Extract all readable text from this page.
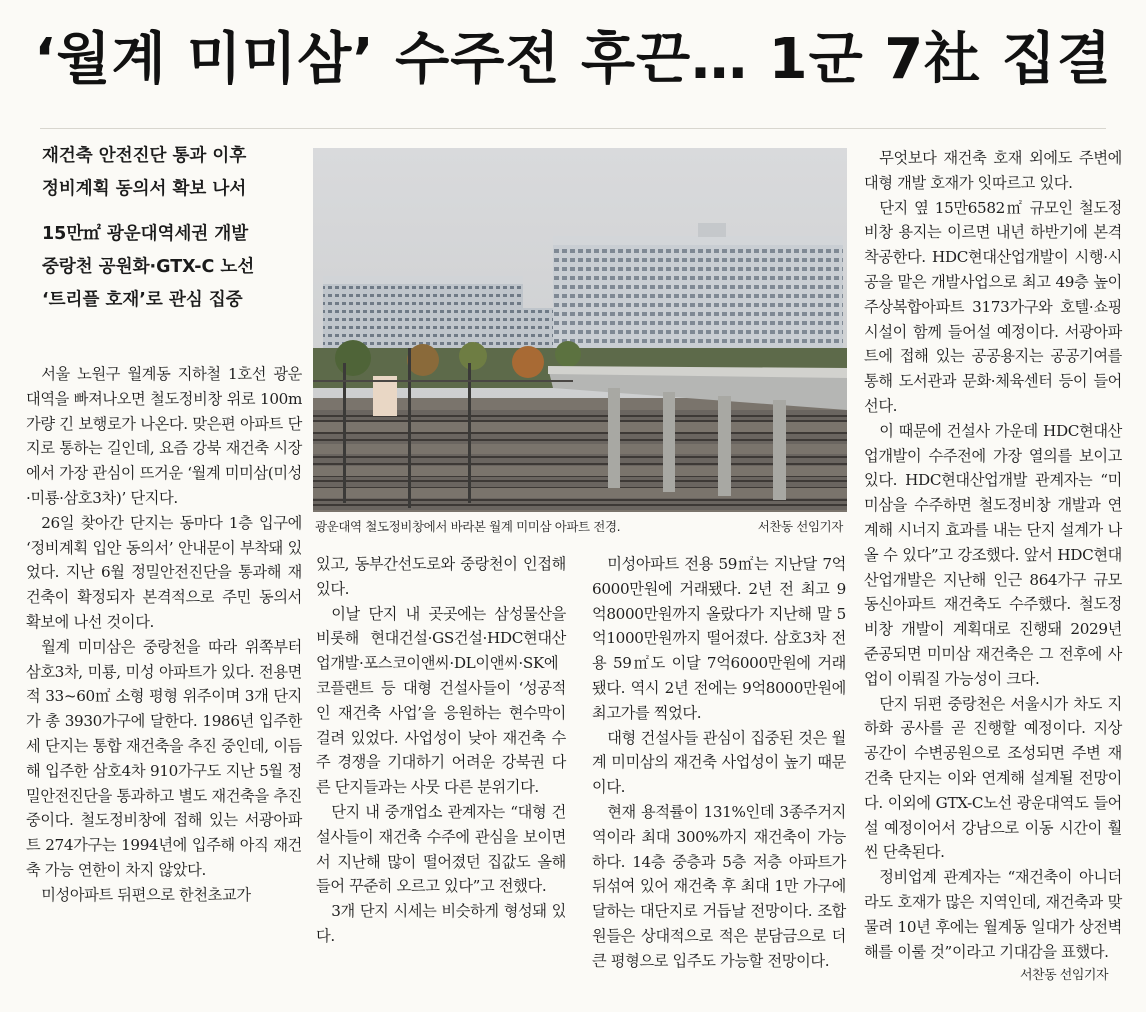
‘월계 미미삼’ 수주전 후끈… 1군 7社 집결
재건축 안전진단 통과 이후
정비계획 동의서 확보 나서
15만㎡ 광운대역세권 개발
중랑천 공원화·GTX-C 노선
‘트리플 호재’로 관심 집중
광운대역 철도정비창에서 바라본 월계 미미삼 아파트 전경.	서찬동 선임기자

서울 노원구 월계동 지하철 1호선 광운대역을 빠져나오면 철도정비창 위로 100m가량 긴 보행로가 나온다. 맞은편 아파트 단지로 통하는 길인데, 요즘 강북 재건축 시장에서 가장 관심이 뜨거운 ‘월계 미미삼(미성·미룡·삼호3차)’ 단지다.

26일 찾아간 단지는 동마다 1층 입구에 ‘정비계획 입안 동의서’ 안내문이 부착돼 있었다. 지난 6월 정밀안전진단을 통과해 재건축이 확정되자 본격적으로 주민 동의서 확보에 나선 것이다.

월계 미미삼은 중랑천을 따라 위쪽부터 삼호3차, 미룡, 미성 아파트가 있다. 전용면적 33~60㎡ 소형 평형 위주이며 3개 단지가 총 3930가구에 달한다. 1986년 입주한 세 단지는 통합 재건축을 추진 중인데, 이듬해 입주한 삼호4차 910가구도 지난 5월 정밀안전진단을 통과하고 별도 재건축을 추진 중이다. 철도정비창에 접해 있는 서광아파트 274가구는 1994년에 입주해 아직 재건축 가능 연한이 차지 않았다.

미성아파트 뒤편으로 한천초교가

있고, 동부간선도로와 중랑천이 인접해 있다.

이날 단지 내 곳곳에는 삼성물산을 비롯해 현대건설·GS건설·HDC현대산업개발·포스코이앤씨·DL이앤씨·SK에코플랜트 등 대형 건설사들이 ‘성공적인 재건축 사업’을 응원하는 현수막이 걸려 있었다. 사업성이 낮아 재건축 수주 경쟁을 기대하기 어려운 강북권 다른 단지들과는 사뭇 다른 분위기다.

단지 내 중개업소 관계자는 “대형 건설사들이 재건축 수주에 관심을 보이면서 지난해 많이 떨어졌던 집값도 올해 들어 꾸준히 오르고 있다”고 전했다.

3개 단지 시세는 비슷하게 형성돼 있다.

미성아파트 전용 59㎡는 지난달 7억6000만원에 거래됐다. 2년 전 최고 9억8000만원까지 올랐다가 지난해 말 5억1000만원까지 떨어졌다. 삼호3차 전용 59㎡도 이달 7억6000만원에 거래됐다. 역시 2년 전에는 9억8000만원에 최고가를 찍었다.

대형 건설사들 관심이 집중된 것은 월계 미미삼의 재건축 사업성이 높기 때문이다.

현재 용적률이 131%인데 3종주거지역이라 최대 300%까지 재건축이 가능하다. 14층 중층과 5층 저층 아파트가 뒤섞여 있어 재건축 후 최대 1만 가구에 달하는 대단지로 거듭날 전망이다. 조합원들은 상대적으로 적은 분담금으로 더 큰 평형으로 입주도 가능할 전망이다.

무엇보다 재건축 호재 외에도 주변에 대형 개발 호재가 잇따르고 있다.

단지 옆 15만6582㎡ 규모인 철도정비창 용지는 이르면 내년 하반기에 본격 착공한다. HDC현대산업개발이 시행·시공을 맡은 개발사업으로 최고 49층 높이 주상복합아파트 3173가구와 호텔·쇼핑시설이 함께 들어설 예정이다. 서광아파트에 접해 있는 공공용지는 공공기여를 통해 도서관과 문화·체육센터 등이 들어선다.

이 때문에 건설사 가운데 HDC현대산업개발이 수주전에 가장 열의를 보이고 있다. HDC현대산업개발 관계자는 “미미삼을 수주하면 철도정비창 개발과 연계해 시너지 효과를 내는 단지 설계가 나올 수 있다”고 강조했다. 앞서 HDC현대산업개발은 지난해 인근 864가구 규모 동신아파트 재건축도 수주했다. 철도정비창 개발이 계획대로 진행돼 2029년 준공되면 미미삼 재건축은 그 전후에 사업이 이뤄질 가능성이 크다.

단지 뒤편 중랑천은 서울시가 차도 지하화 공사를 곧 진행할 예정이다. 지상 공간이 수변공원으로 조성되면 주변 재건축 단지는 이와 연계해 설계될 전망이다. 이외에 GTX-C노선 광운대역도 들어설 예정이어서 강남으로 이동 시간이 훨씬 단축된다.

정비업계 관계자는 “재건축이 아니더라도 호재가 많은 지역인데, 재건축과 맞물려 10년 후에는 월계동 일대가 상전벽해를 이룰 것”이라고 기대감을 표했다.

서찬동 선임기자
